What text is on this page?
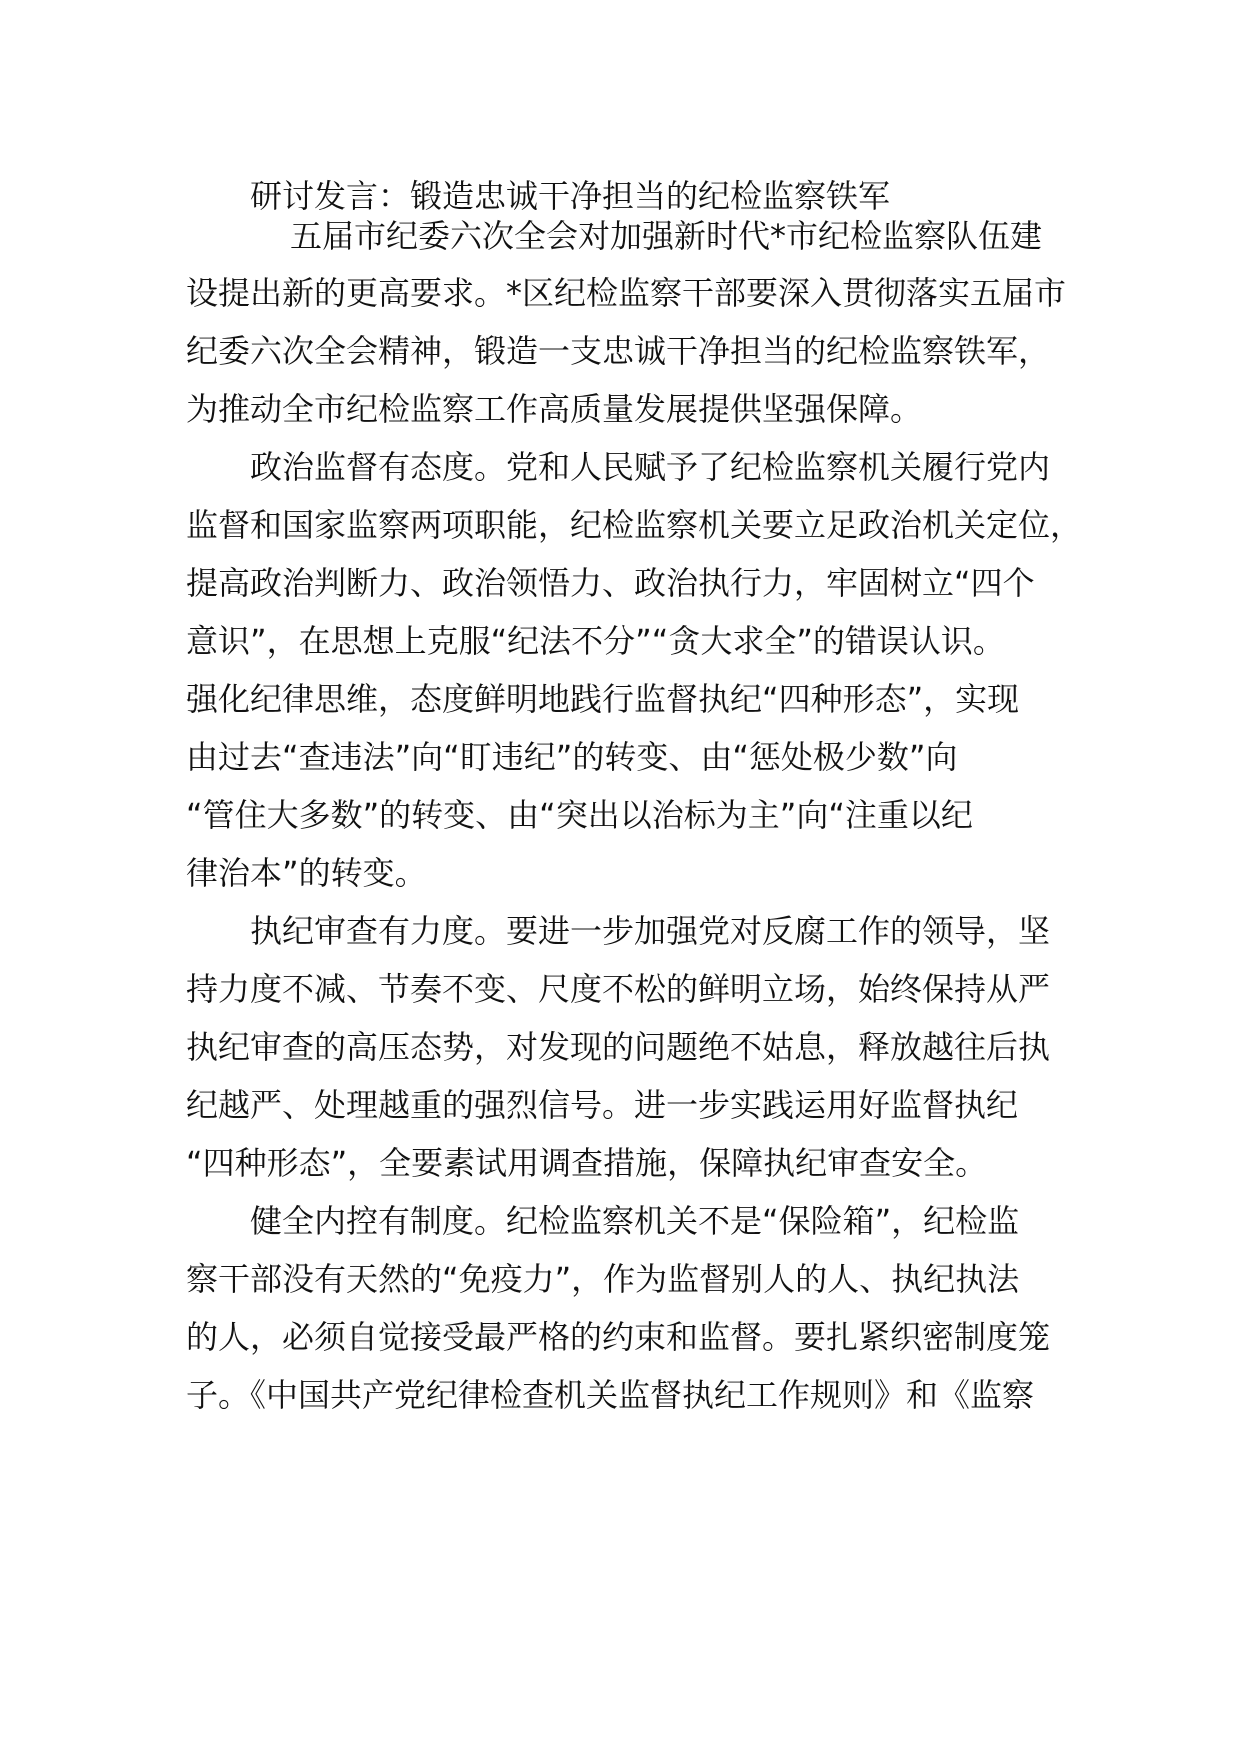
研讨发言：锻造忠诚干净担当的纪检监察铁军

五届市纪委六次全会对加强新时代*市纪检监察队伍建

设提出新的更高要求。*区纪检监察干部要深入贯彻落实五届市

纪委六次全会精神，锻造一支忠诚干净担当的纪检监察铁军，

为推动全市纪检监察工作高质量发展提供坚强保障。

政治监督有态度。党和人民赋予了纪检监察机关履行党内

监督和国家监察两项职能，纪检监察机关要立足政治机关定位，

提高政治判断力、政治领悟力、政治执行力，牢固树立“四个

意识”，在思想上克服“纪法不分”“贪大求全”的错误认识。

强化纪律思维，态度鲜明地践行监督执纪“四种形态”，实现

由过去“查违法”向“盯违纪”的转变、由“惩处极少数”向

“管住大多数”的转变、由“突出以治标为主”向“注重以纪

律治本”的转变。

执纪审查有力度。要进一步加强党对反腐工作的领导，坚

持力度不减、节奏不变、尺度不松的鲜明立场，始终保持从严

执纪审查的高压态势，对发现的问题绝不姑息，释放越往后执

纪越严、处理越重的强烈信号。进一步实践运用好监督执纪

“四种形态”，全要素试用调查措施，保障执纪审查安全。

健全内控有制度。纪检监察机关不是“保险箱”，纪检监

察干部没有天然的“免疫力”，作为监督别人的人、执纪执法

的人，必须自觉接受最严格的约束和监督。要扎紧织密制度笼

子。《中国共产党纪律检查机关监督执纪工作规则》和《监察
